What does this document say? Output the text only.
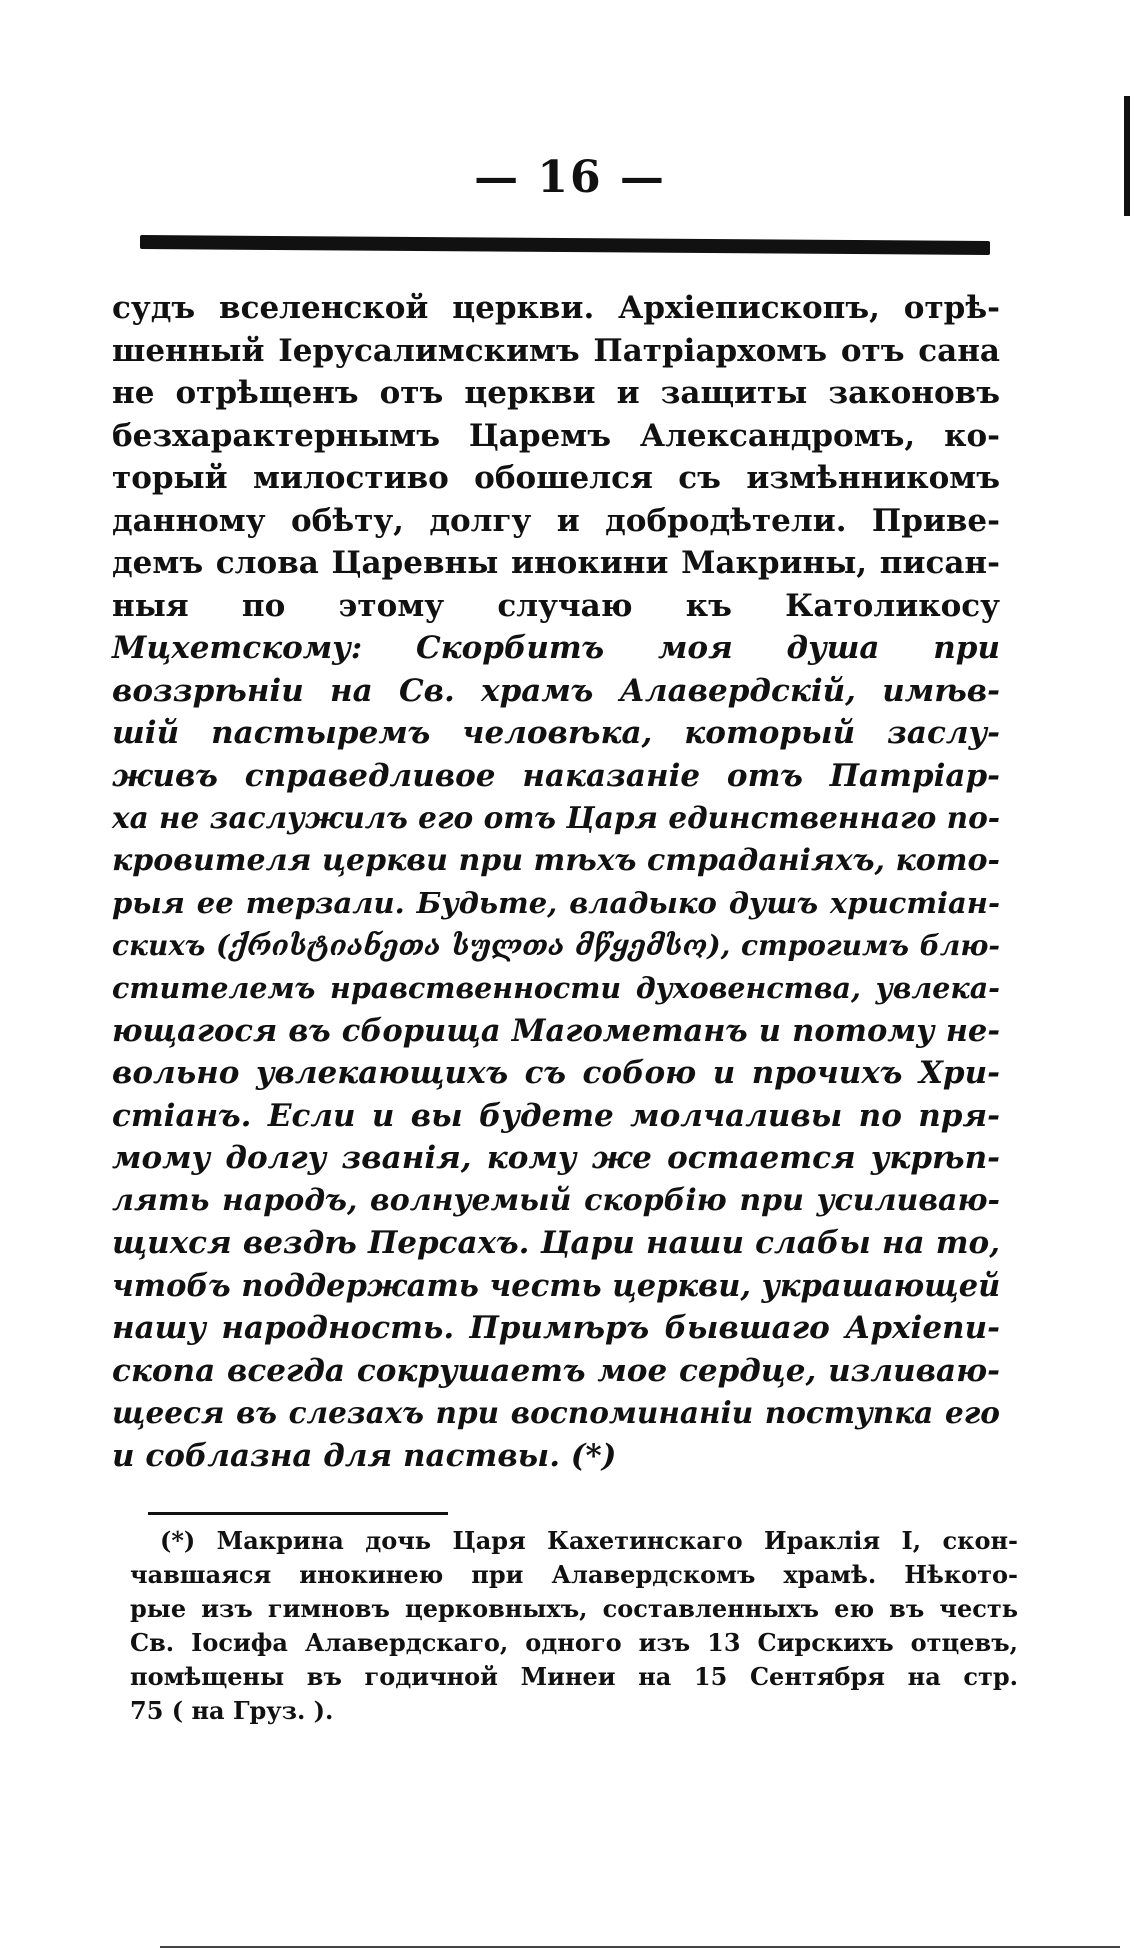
— 16 —
судъ вселенской церкви. Архіепископъ, отрѣ-
шенный Іерусалимскимъ Патріархомъ отъ сана
не отрѣщенъ отъ церкви и защиты законовъ
безхарактернымъ Царемъ Александромъ, ко-
торый милостиво обошелся съ измѣнникомъ
данному обѣту, долгу и добродѣтели. Приве-
демъ слова Царевны инокини Макрины, писан-
ныя по этому случаю къ Католикосу
Мцхетскому: Скорбитъ моя душа при
воззрѣніи на Св. храмъ Алавердскій, имѣв-
шій пастыремъ человѣка, который заслу-
живъ справедливое наказаніе отъ Патріар-
ха не заслужилъ его отъ Царя единственнаго по-
кровителя церкви при тѣхъ страданіяхъ, кото-
рыя ее терзали. Будьте, владыко душъ христіан-
скихъ (ქრისტიანეთა სულთა მწყემსო), строгимъ блю-
стителемъ нравственности духовенства, увлека-
ющагося въ сборища Магометанъ и потому не-
вольно увлекающихъ съ собою и прочихъ Хри-
стіанъ. Если и вы будете молчаливы по пря-
мому долгу званія, кому же остается укрѣп-
лять народъ, волнуемый скорбію при усиливаю-
щихся вездѣ Персахъ. Цари наши слабы на то,
чтобъ поддержать честь церкви, украшающей
нашу народность. Примѣръ бывшаго Архіепи-
скопа всегда сокрушаетъ мое сердце, изливаю-
щееся въ слезахъ при воспоминаніи поступка его
и соблазна для паствы. (*)
(*) Макрина дочь Царя Кахетинскаго Ираклія I, скон-
чавшаяся инокинею при Алавердскомъ храмѣ. Нѣкото-
рые изъ гимновъ церковныхъ, составленныхъ ею въ честь
Св. Іосифа Алавердскаго, одного изъ 13 Сирскихъ отцевъ,
помѣщены въ годичной Минеи на 15 Сентября на стр.
75 ( на Груз. ).
